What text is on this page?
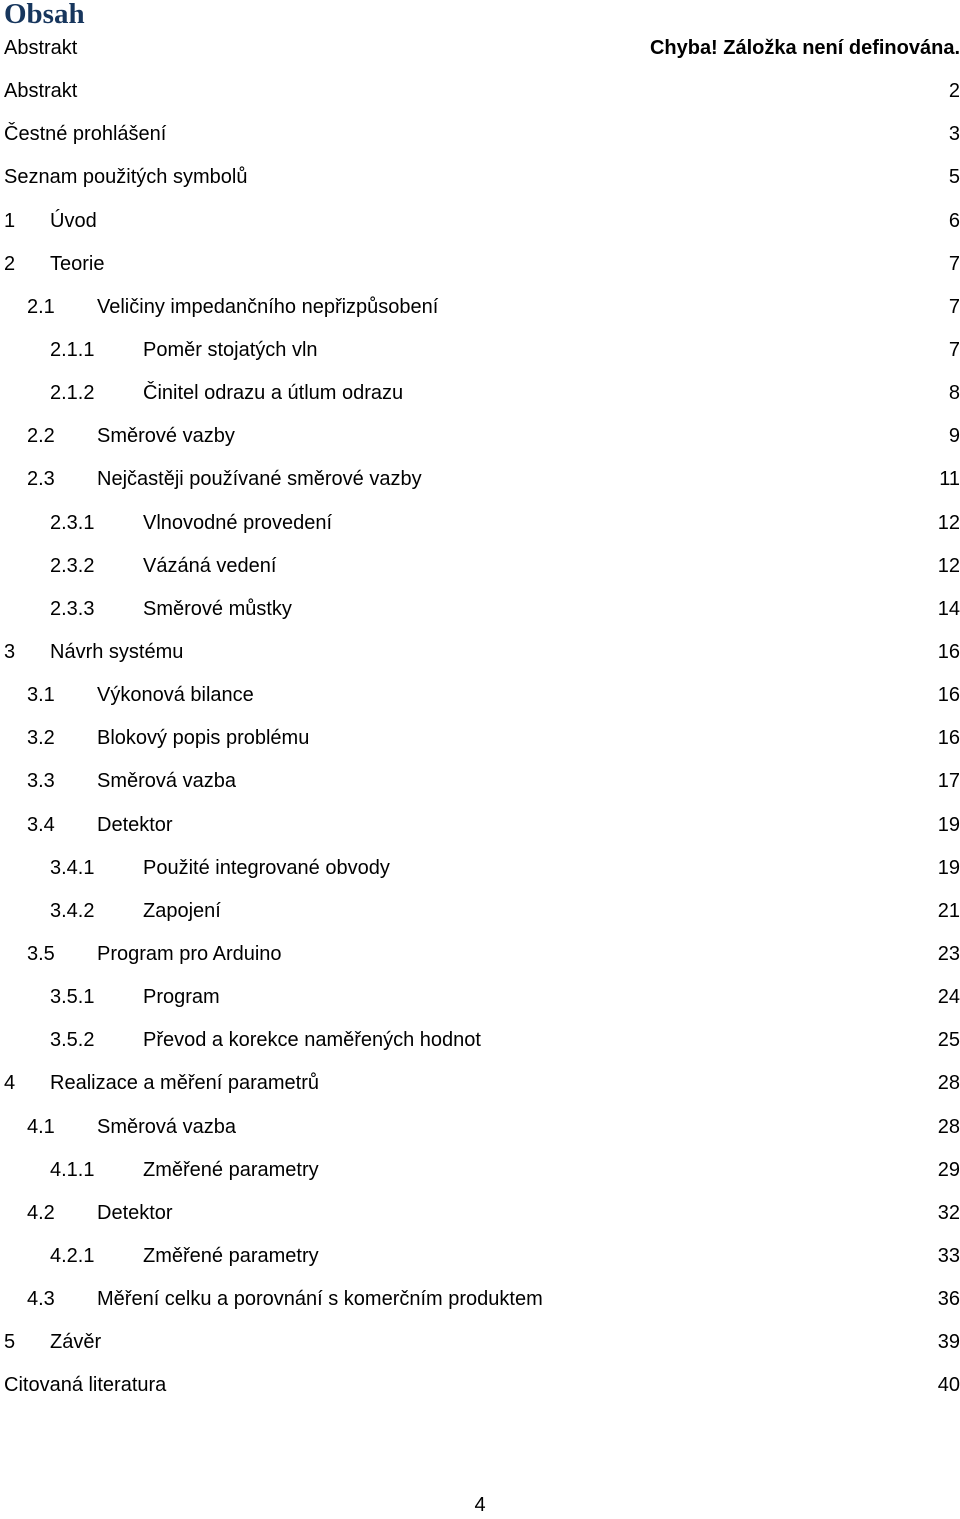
Obsah
Abstrakt	Chyba! Záložka není definována.
Abstrakt	2
Čestné prohlášení	3
Seznam použitých symbolů	5
1	Úvod	6
2	Teorie	7
2.1	Veličiny impedančního nepřizpůsobení	7
2.1.1	Poměr stojatých vln	7
2.1.2	Činitel odrazu a útlum odrazu	8
2.2	Směrové vazby	9
2.3	Nejčastěji používané směrové vazby	11
2.3.1	Vlnovodné provedení	12
2.3.2	Vázáná vedení	12
2.3.3	Směrové můstky	14
3	Návrh systému	16
3.1	Výkonová bilance	16
3.2	Blokový popis problému	16
3.3	Směrová vazba	17
3.4	Detektor	19
3.4.1	Použité integrované obvody	19
3.4.2	Zapojení	21
3.5	Program pro Arduino	23
3.5.1	Program	24
3.5.2	Převod a korekce naměřených hodnot	25
4	Realizace a měření parametrů	28
4.1	Směrová vazba	28
4.1.1	Změřené parametry	29
4.2	Detektor	32
4.2.1	Změřené parametry	33
4.3	Měření celku a porovnání s komerčním produktem	36
5	Závěr	39
Citovaná literatura	40
4
